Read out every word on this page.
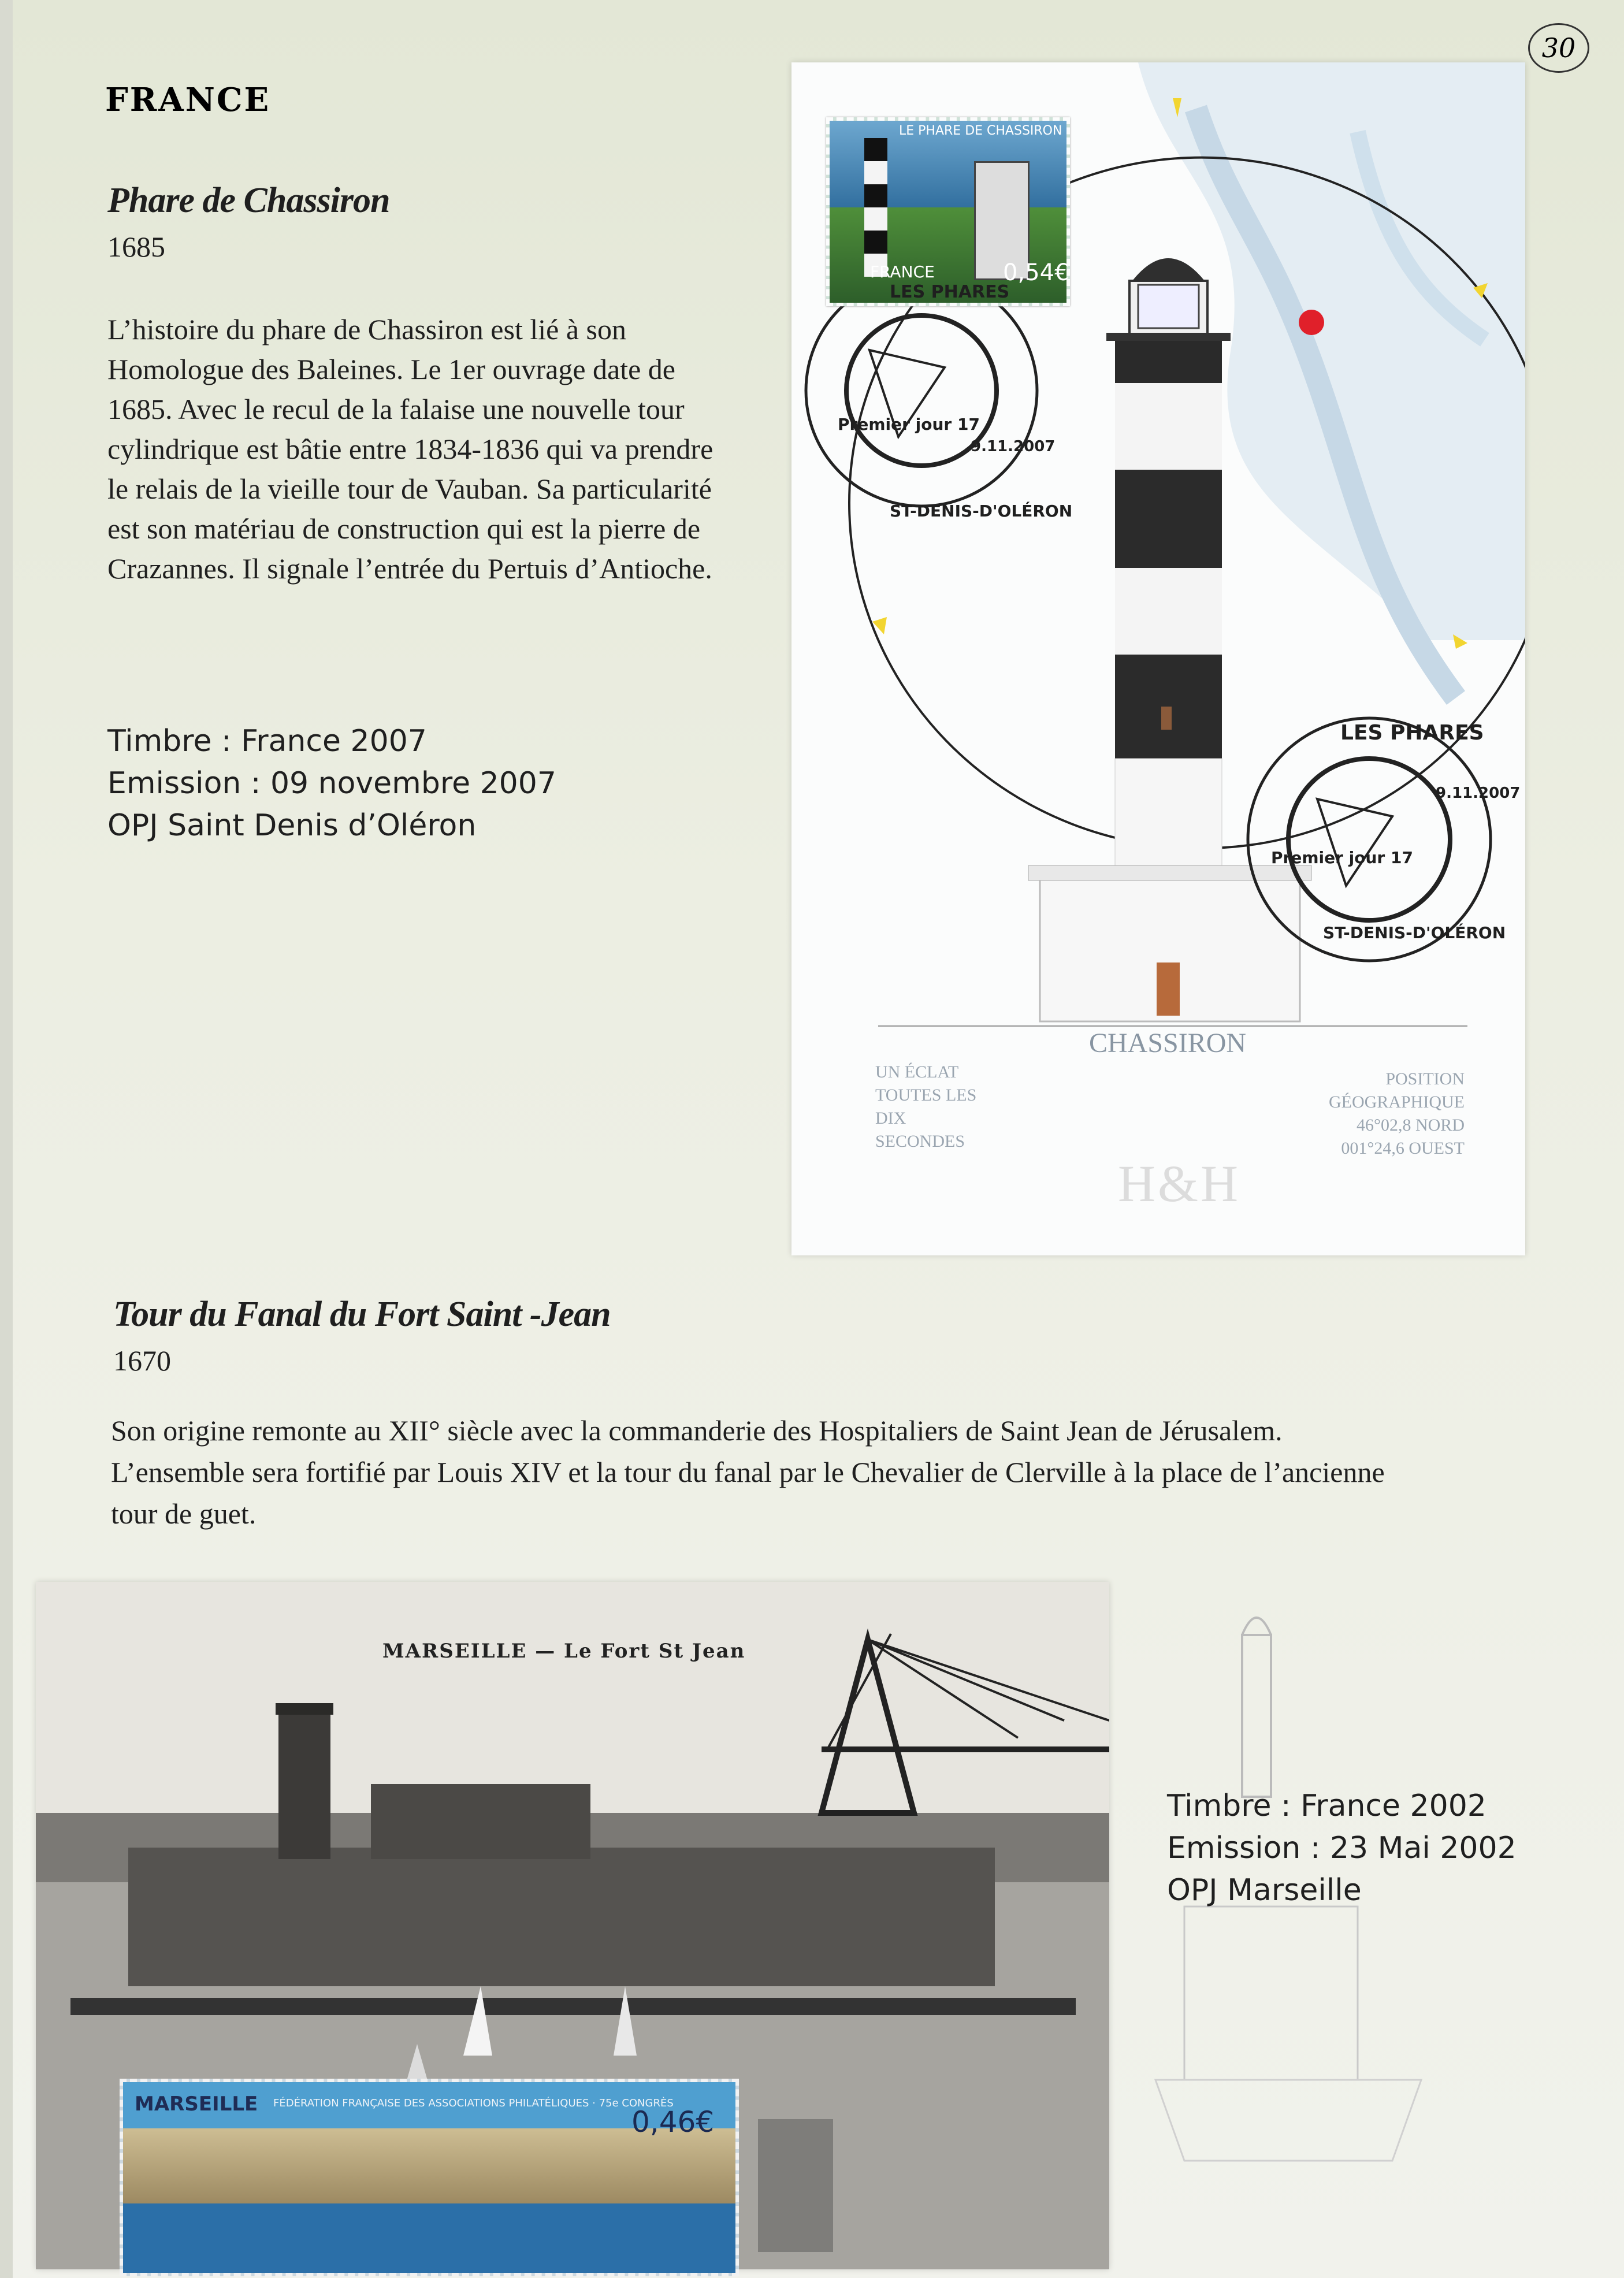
30
FRANCE
Phare de Chassiron
1685
L’histoire du phare de Chassiron est lié à son
Homologue des Baleines. Le 1er ouvrage date de
1685. Avec le recul de la falaise une nouvelle tour
cylindrique est bâtie entre 1834-1836 qui va prendre
le relais de la vieille tour de Vauban. Sa particularité
est son matériau de construction qui est la pierre de
Crazannes. Il signale l’entrée du Pertuis d’Antioche.
Timbre : France 2007
Emission : 09 novembre 2007
OPJ Saint Denis d’Oléron
LE PHARE DE CHASSIRON
FRANCE	0,54€
LES PHARES
Premier jour 17
ST-DENIS-D'OLÉRON
9.11.2007
LES PHARES
Premier jour 17
ST-DENIS-D'OLÉRON
9.11.2007
CHASSIRON
UN ÉCLAT
TOUTES LES
DIX
SECONDES
POSITION
GÉOGRAPHIQUE
46°02,8 NORD
001°24,6 OUEST
H&H
Tour du Fanal du Fort Saint -Jean
1670
Son origine remonte au XII° siècle avec la commanderie des Hospitaliers de Saint Jean de Jérusalem.
L’ensemble sera fortifié par Louis XIV et la tour du fanal par le Chevalier de Clerville à la place de l’ancienne
tour de guet.
MARSEILLE — Le Fort St Jean
MARSEILLE FÉDÉRATION FRANÇAISE DES ASSOCIATIONS PHILATÉLIQUES · 75e CONGRÈS
0,46€
Timbre : France 2002
Emission : 23 Mai 2002
OPJ Marseille
